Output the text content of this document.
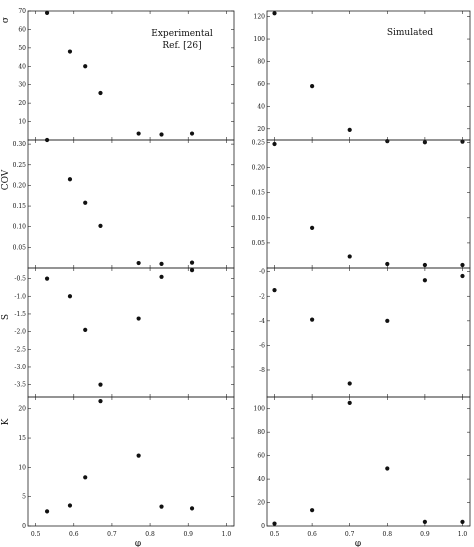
10
20
30
40
50
60
70
σ
Experimental
Ref. [26]
20
40
60
80
100
120
Simulated
0.05
0.10
0.15
0.20
0.25
0.30
COV
0.05
0.10
0.15
0.20
0.25
-3.5
-3.0
-2.5
-2.0
-1.5
-1.0
-0.5
S
-8
-6
-4
-2
-0
0
5
10
15
20
0.5	0.6	0.7	0.8	0.9	1.0
K
0
20
40
60
80
100
0.5	0.6	0.7	0.8	0.9	1.0
φ	φ
